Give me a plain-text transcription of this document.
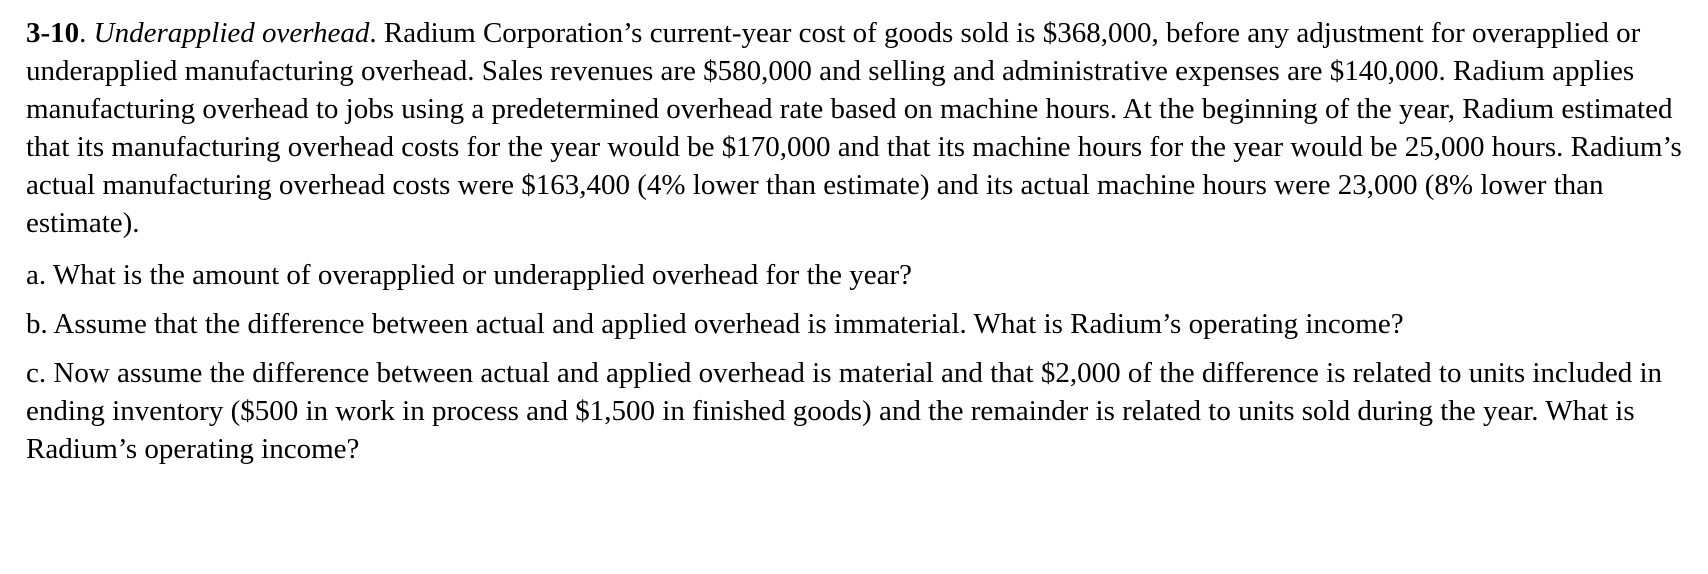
3-10. Underapplied overhead. Radium Corporation’s current-year cost of goods sold is $368,000, before any adjustment for overapplied or underapplied manufacturing overhead. Sales revenues are $580,000 and selling and administrative expenses are $140,000. Radium applies manufacturing overhead to jobs using a predetermined overhead rate based on machine hours. At the beginning of the year, Radium estimated that its manufacturing overhead costs for the year would be $170,000 and that its machine hours for the year would be 25,000 hours. Radium’s actual manufacturing overhead costs were $163,400 (4% lower than estimate) and its actual machine hours were 23,000 (8% lower than estimate).

a. What is the amount of overapplied or underapplied overhead for the year?

b. Assume that the difference between actual and applied overhead is immaterial. What is Radium’s operating income?

c. Now assume the difference between actual and applied overhead is material and that $2,000 of the difference is related to units included in ending inventory ($500 in work in process and $1,500 in finished goods) and the remainder is related to units sold during the year. What is Radium’s operating income?
